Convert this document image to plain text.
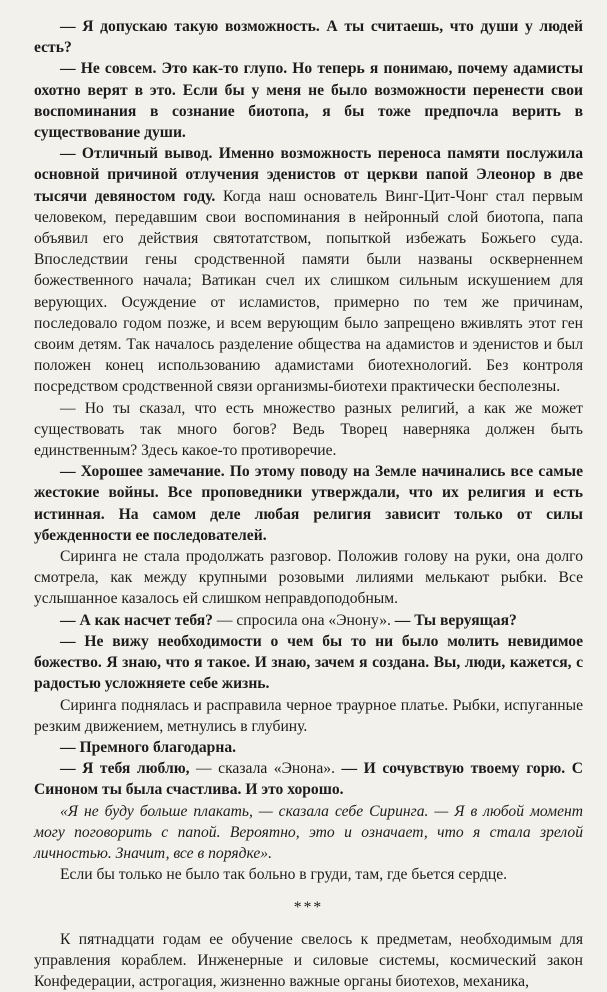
— Я допускаю такую возможность. А ты считаешь, что души у людей есть?

— Не совсем. Это как-то глупо. Но теперь я понимаю, почему адамисты охотно верят в это. Если бы у меня не было возможности перенести свои воспоминания в сознание биотопа, я бы тоже предпочла верить в существование души.

— Отличный вывод. Именно возможность переноса памяти послужила основной причиной отлучения эденистов от церкви папой Элеонор в две тысячи девяностом году. Когда наш основатель Винг-Цит-Чонг стал первым человеком, передавшим свои воспоминания в нейронный слой биотопа, папа объявил его действия святотатством, попыткой избежать Божьего суда. Впоследствии гены сродственной памяти были названы оскверненнем божественного начала; Ватикан счел их слишком сильным искушением для верующих. Осуждение от исламистов, примерно по тем же причинам, последовало годом позже, и всем верующим было запрещено вживлять этот ген своим детям. Так началось разделение общества на адамистов и эденистов и был положен конец использованию адамистами биотехнологий. Без контроля посредством сродственной связи организмы-биотехи практически бесполезны.

— Но ты сказал, что есть множество разных религий, а как же может существовать так много богов? Ведь Творец наверняка должен быть единственным? Здесь какое-то противоречие.

— Хорошее замечание. По этому поводу на Земле начинались все самые жестокие войны. Все проповедники утверждали, что их религия и есть истинная. На самом деле любая религия зависит только от силы убежденности ее последователей.

Сиринга не стала продолжать разговор. Положив голову на руки, она долго смотрела, как между крупными розовыми лилиями мелькают рыбки. Все услышанное казалось ей слишком неправдоподобным.

— А как насчет тебя? — спросила она «Энону». — Ты веруящая?

— Не вижу необходимости о чем бы то ни было молить невидимое божество. Я знаю, что я такое. И знаю, зачем я создана. Вы, люди, кажется, с радостью усложняете себе жизнь.

Сиринга поднялась и расправила черное траурное платье. Рыбки, испуганные резким движением, метнулись в глубину.

— Премного благодарна.

— Я тебя люблю, — сказала «Энона». — И сочувствую твоему горю. С Синоном ты была счастлива. И это хорошо.

«Я не буду больше плакать, — сказала себе Сиринга. — Я в любой момент могу поговорить с папой. Вероятно, это и означает, что я стала зрелой личностью. Значит, все в порядке».

Если бы только не было так больно в груди, там, где бьется сердце.

***

К пятнадцати годам ее обучение свелось к предметам, необходимым для управления кораблем. Инженерные и силовые системы, космический закон Конфедерации, астрогация, жизненно важные органы биотехов, механика,
